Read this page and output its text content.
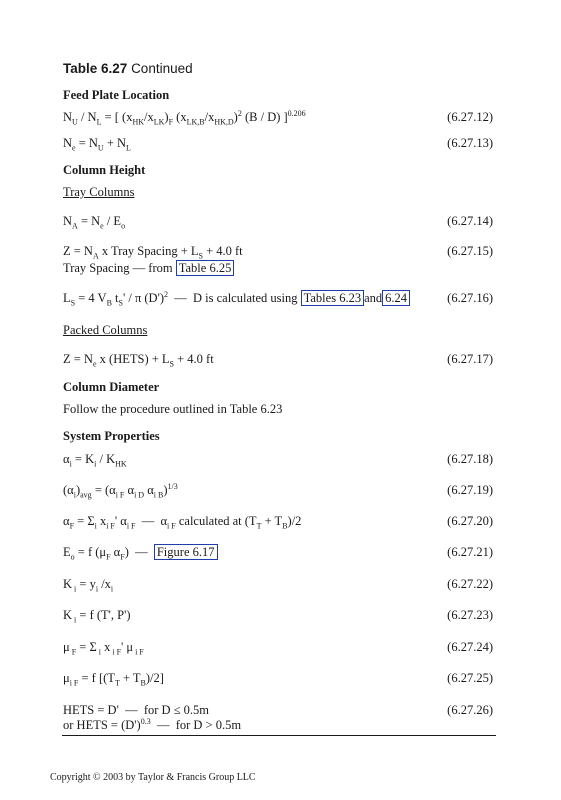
Table 6.27 Continued
Feed Plate Location
$N_U / N_L$ = [ $(x_{HK}/x_{LK})_F$ $(x_{LK,B}/x_{HK,D})^2$ (B / D) ]$^{0.206}$	(6.27.12)
$N_e = N_U + N_L$	(6.27.13)
Column Height
Tray Columns
$N_A = N_e / E_o$	(6.27.14)
$Z = N_A$ x Tray Spacing + $L_S + 4.0$ ft	(6.27.15)
Tray Spacing — from Table 6.25
$L_S = 4$ $V_B$ $t_S'$ / π $(D')^2$  —  D is calculated using Tables 6.23 and 6.24	(6.27.16)
Packed Columns
$Z = N_e$ x (HETS) + $L_S + 4.0$ ft	(6.27.17)
Column Diameter
Follow the procedure outlined in Table 6.23
System Properties
$\alpha_i = K_i / K_{HK}$	(6.27.18)
$(\alpha_i)_{avg} = (\alpha_{i F}$ $\alpha_{i D}$ $\alpha_{i B})^{1/3}$	(6.27.19)
$\alpha_F = \Sigma_i$ $x_{i F}'$ $\alpha_{i F}$  —  $\alpha_{i F}$ calculated at $(T_T + T_B)/2$	(6.27.20)
$E_o = f$ ($\mu_F$ $\alpha_F$)  —  Figure 6.17	(6.27.21)
K $_i = y_i$ $/x_i$	(6.27.22)
K $_i$ = f (T', P')	(6.27.23)
μ $_F$ = Σ $_i$ x $_{i F}$' μ $_{i F}$	(6.27.24)
$\mu_{i F} = f$ $[(T_T + T_B)/2]$	(6.27.25)
HETS = D'  —  for D ≤ 0.5m	(6.27.26)
or HETS = $(D')^{0.3}$  —  for D > 0.5m
Copyright © 2003 by Taylor & Francis Group LLC
